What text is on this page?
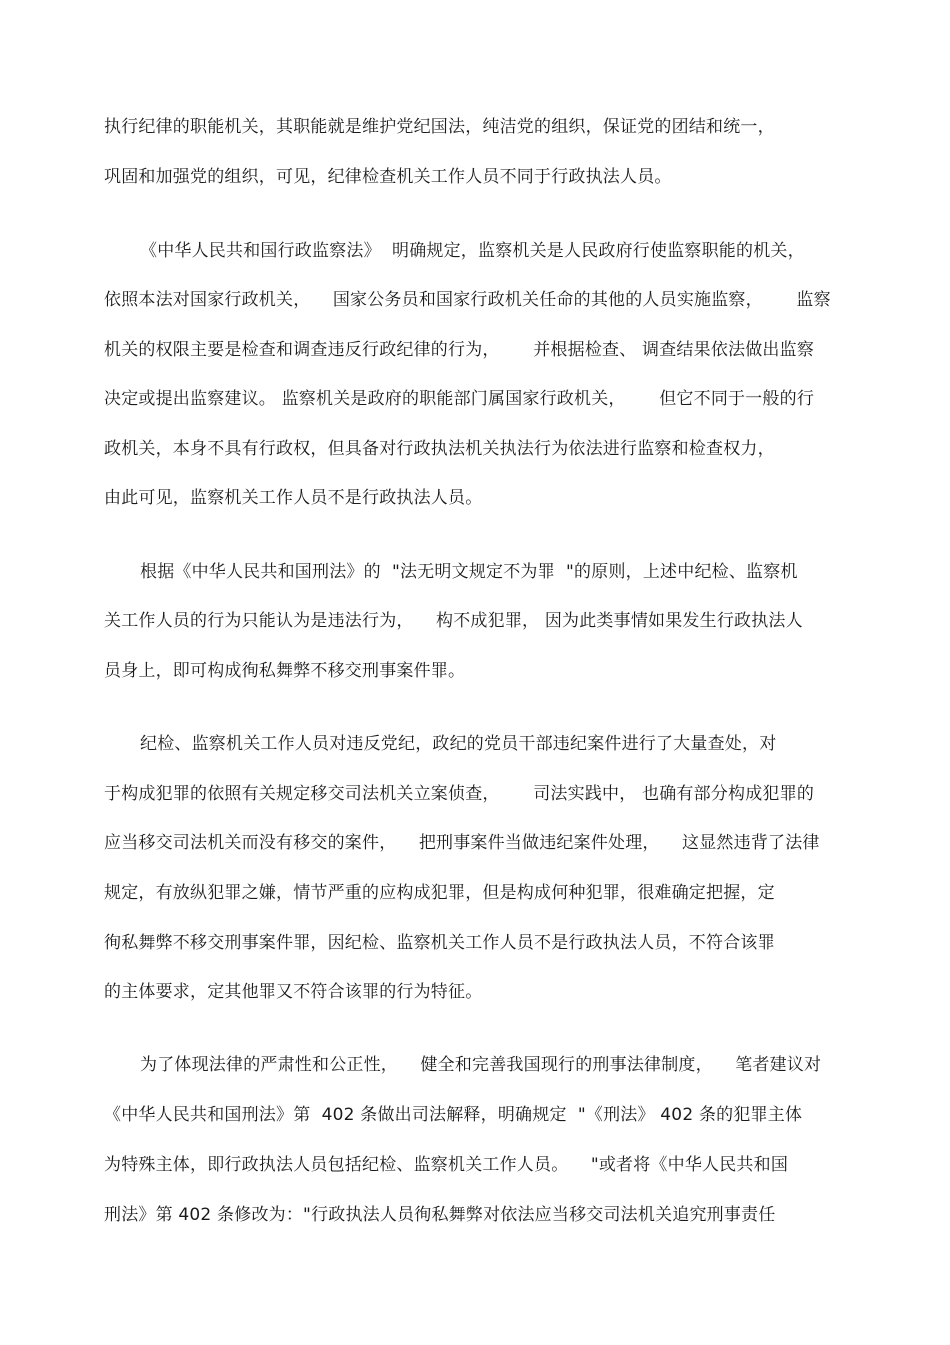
执行纪律的职能机关，其职能就是维护党纪国法，纯洁党的组织，保证党的团结和统一，
巩固和加强党的组织，可见，纪律检查机关工作人员不同于行政执法人员。
《中华人民共和国行政监察法》  明确规定，监察机关是人民政府行使监察职能的机关，
依照本法对国家行政机关，    国家公务员和国家行政机关任命的其他的人员实施监察，      监察
机关的权限主要是检查和调查违反行政纪律的行为，      并根据检查、 调查结果依法做出监察
决定或提出监察建议。 监察机关是政府的职能部门属国家行政机关，      但它不同于一般的行
政机关，本身不具有行政权，但具备对行政执法机关执法行为依法进行监察和检查权力，
由此可见，监察机关工作人员不是行政执法人员。
根据《中华人民共和国刑法》的  "法无明文规定不为罪  "的原则，上述中纪检、监察机
关工作人员的行为只能认为是违法行为，    构不成犯罪， 因为此类事情如果发生行政执法人
员身上，即可构成徇私舞弊不移交刑事案件罪。
纪检、监察机关工作人员对违反党纪，政纪的党员干部违纪案件进行了大量查处，对
于构成犯罪的依照有关规定移交司法机关立案侦查，      司法实践中， 也确有部分构成犯罪的
应当移交司法机关而没有移交的案件，    把刑事案件当做违纪案件处理，    这显然违背了法律
规定，有放纵犯罪之嫌，情节严重的应构成犯罪，但是构成何种犯罪，很难确定把握，定
徇私舞弊不移交刑事案件罪，因纪检、监察机关工作人员不是行政执法人员，不符合该罪
的主体要求，定其他罪又不符合该罪的行为特征。
为了体现法律的严肃性和公正性，    健全和完善我国现行的刑事法律制度，    笔者建议对
《中华人民共和国刑法》第  402 条做出司法解释，明确规定  "《刑法》 402 条的犯罪主体
为特殊主体，即行政执法人员包括纪检、监察机关工作人员。    "或者将《中华人民共和国
刑法》第 402 条修改为："行政执法人员徇私舞弊对依法应当移交司法机关追究刑事责任
